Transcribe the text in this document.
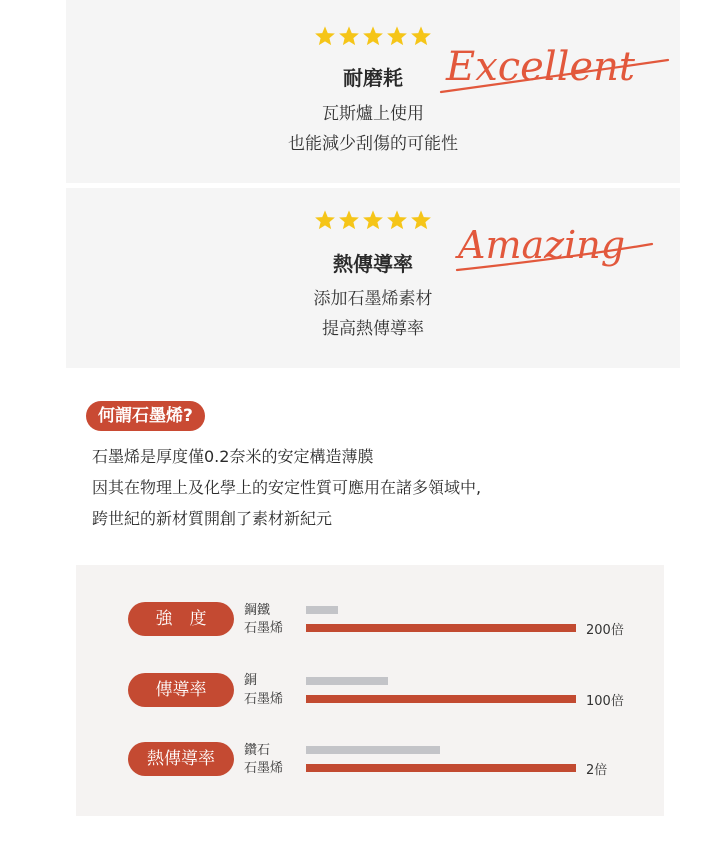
耐磨耗
瓦斯爐上使用
也能減少刮傷的可能性
Excellent
熱傳導率
添加石墨烯素材
提高熱傳導率
Amazing
何謂石墨烯?
石墨烯是厚度僅0.2奈米的安定構造薄膜
因其在物理上及化學上的安定性質可應用在諸多領域中,
跨世紀的新材質開創了素材新紀元
強　度	鋼鐵
石墨烯	200倍
傳導率	銅
石墨烯	100倍
熱傳導率	鑽石
石墨烯	2倍
